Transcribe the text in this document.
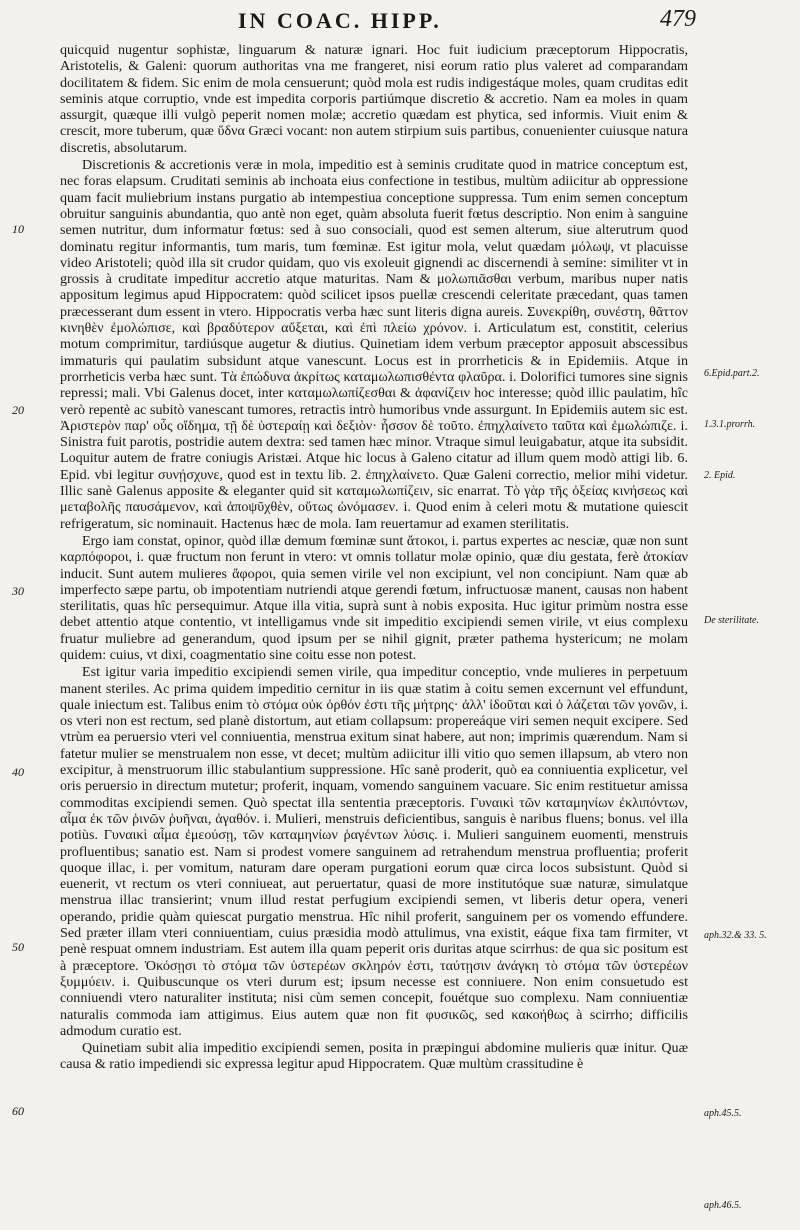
IN COAC. HIPP.	479

quicquid nugentur sophistæ, linguarum & naturæ ignari. Hoc fuit iudicium præceptorum Hippocratis, Aristotelis, & Galeni: quorum authoritas vna me frangeret, nisi eorum ratio plus valeret ad comparandam docilitatem & fidem. Sic enim de mola censuerunt; quòd mola est rudis indigestáque moles, quam cruditas edit seminis atque corruptio, vnde est impedita corporis partiúmque discretio & accretio. Nam ea moles in quam assurgit, quæque illi vulgò peperit nomen molæ; accretio quædam est phytica, sed informis. Viuit enim & crescit, more tuberum, quæ ὕδνα Græci vocant: non autem stirpium suis partibus, conuenienter cuiusque natura discretis, absolutarum.

Discretionis & accretionis veræ in mola, impeditio est à seminis cruditate quod in matrice conceptum est, nec foras elapsum. Cruditati seminis ab inchoata eius confectione in testibus, multùm adiicitur ab oppressione quam facit muliebrium instans purgatio ab intempestiua conceptione suppressa. Tum enim semen conceptum obruitur sanguinis abundantia, quo antè non eget, quàm absoluta fuerit fœtus descriptio. Non enim à sanguine semen nutritur, dum informatur fœtus: sed à suo consociali, quod est semen alterum, siue alterutrum quod dominatu regitur informantis, tum maris, tum fœminæ. Est igitur mola, velut quædam μόλωψ, vt placuisse video Aristoteli; quòd illa sit crudor quidam, quo vis exoleuit gignendi ac discernendi à semine: similiter vt in grossis à cruditate impeditur accretio atque maturitas. Nam & μολωπιᾶσθαι verbum, maribus nuper natis appositum legimus apud Hippocratem: quòd scilicet ipsos puellæ crescendi celeritate præcedant, quas tamen præcesserant dum essent in vtero. Hippocratis verba hæc sunt literis digna aureis. Συνεκρίθη, συνέστη, θᾶττον κινηθὲν ἐμολώπισε, καὶ βραδύτερον αὔξεται, καὶ ἐπὶ πλείω χρόνον. i. Articulatum est, constitit, celerius motum comprimitur, tardiúsque augetur & diutius. Quinetiam idem verbum præceptor apposuit abscessibus immaturis qui paulatim subsidunt atque vanescunt. Locus est in prorrheticis & in Epidemiis. Atque in prorrheticis verba hæc sunt. Τὰ ἐπώδυνα ἀκρίτως καταμωλωπισθέντα φλαῦρα. i. Dolorifici tumores sine signis repressi; mali. Vbi Galenus docet, inter καταμωλωπίζεσθαι & ἀφανίζειν hoc interesse; quòd illic paulatim, hîc verò repentè ac subitò vanescant tumores, retractis intrò humoribus vnde assurgunt. In Epidemiis autem sic est. Ἀριστερὸν παρ' οὖς οἴδημα, τῇ δὲ ὑστεραίῃ καὶ δεξιὸν· ἧσσον δὲ τοῦτο. ἐπηχλαίνετο ταῦτα καὶ ἐμωλώπιζε. i. Sinistra fuit parotis, postridie autem dextra: sed tamen hæc minor. Vtraque simul leuigabatur, atque ita subsidit. Loquitur autem de fratre coniugis Aristæi. Atque hic locus à Galeno citatur ad illum quem modò attigi lib. 6. Epid. vbi legitur συνῄσχυνε, quod est in textu lib. 2. ἐπηχλαίνετο. Quæ Galeni correctio, melior mihi videtur. Illic sanè Galenus apposite & eleganter quid sit καταμωλωπίζειν, sic enarrat. Τὸ γὰρ τῆς ὀξείας κινήσεως καὶ μεταβολῆς παυσάμενον, καὶ ἀποψῦχθὲν, οὕτως ὠνόμασεν. i. Quod enim à celeri motu & mutatione quiescit refrigeratum, sic nominauit. Hactenus hæc de mola. Iam reuertamur ad examen sterilitatis.

Ergo iam constat, opinor, quòd illæ demum fœminæ sunt ἄτοκοι, i. partus expertes ac nesciæ, quæ non sunt καρπόφοροι, i. quæ fructum non ferunt in vtero: vt omnis tollatur molæ opinio, quæ diu gestata, ferè ἀτοκίαν inducit. Sunt autem mulieres ἄφοροι, quia semen virile vel non excipiunt, vel non concipiunt. Nam quæ ab imperfecto sæpe partu, ob impotentiam nutriendi atque gerendi fœtum, infructuosæ manent, causas non habent sterilitatis, quas hîc persequimur. Atque illa vitia, suprà sunt à nobis exposita. Huc igitur primùm nostra esse debet attentio atque contentio, vt intelligamus vnde sit impeditio excipiendi semen virile, vt eius complexu fruatur muliebre ad generandum, quod ipsum per se nihil gignit, præter pathema hystericum; ne molam quidem: cuius, vt dixi, coagmentatio sine coitu esse non potest.

Est igitur varia impeditio excipiendi semen virile, qua impeditur conceptio, vnde mulieres in perpetuum manent steriles. Ac prima quidem impeditio cernitur in iis quæ statim à coitu semen excernunt vel effundunt, quale iniectum est. Talibus enim τὸ στόμα οὐκ ὀρθόν ἐστι τῆς μήτρης· ἀλλ' ἰδοῦται καὶ ὁ λάζεται τῶν γονῶν, i. os vteri non est rectum, sed planè distortum, aut etiam collapsum: propereáque viri semen nequit excipere. Sed vtrùm ea peruersio vteri vel conniuentia, menstrua exitum sinat habere, aut non; imprimis quærendum. Nam si fatetur mulier se menstrualem non esse, vt decet; multùm adiicitur illi vitio quo semen illapsum, ab vtero non excipitur, à menstruorum illic stabulantium suppressione. Hîc sanè proderit, quò ea conniuentia explicetur, vel oris peruersio in directum mutetur; proferit, inquam, vomendo sanguinem vacuare. Sic enim restituetur amissa commoditas excipiendi semen. Quò spectat illa sententia præceptoris. Γυναικὶ τῶν καταμηνίων ἐκλιπόντων, αἷμα ἐκ τῶν ῥινῶν ῥυῆναι, ἀγαθόν. i. Mulieri, menstruis deficientibus, sanguis è naribus fluens; bonus. vel illa potiùs. Γυναικὶ αἷμα ἐμεούσῃ, τῶν καταμηνίων ῥαγέντων λύσις. i. Mulieri sanguinem euomenti, menstruis profluentibus; sanatio est. Nam si prodest vomere sanguinem ad retrahendum menstrua profluentia; proferit quoque illac, i. per vomitum, naturam dare operam purgationi eorum quæ circa locos subsistunt. Quòd si euenerit, vt rectum os vteri conniueat, aut peruertatur, quasi de more institutóque suæ naturæ, simulatque menstrua illac transierint; vnum illud restat perfugium excipiendi semen, vt liberis detur opera, veneri operando, pridie quàm quiescat purgatio menstrua. Hîc nihil proferit, sanguinem per os vomendo effundere. Sed præter illam vteri conniuentiam, cuius præsidia modò attulimus, vna existit, eáque fixa tam firmiter, vt penè respuat omnem industriam. Est autem illa quam peperit oris duritas atque scirrhus: de qua sic positum est à præceptore. Ὁκόσῃσι τὸ στόμα τῶν ὑστερέων σκληρόν ἐστι, ταύτῃσιν ἀνάγκη τὸ στόμα τῶν ὑστερέων ξυμμύειν. i. Quibuscunque os vteri durum est; ipsum necesse est conniuere. Non enim consuetudo est conniuendi vtero naturaliter instituta; nisi cùm semen concepit, fouétque suo complexu. Nam conniuentiæ naturalis commoda iam attigimus. Eius autem quæ non fit φυσικῶς, sed κακοήθως à scirrho; difficilis admodum curatio est.

Quinetiam subit alia impeditio excipiendi semen, posita in præpingui abdomine mulieris quæ initur. Quæ causa & ratio impediendi sic expressa legitur apud Hippocratem. Quæ multùm crassitudine è

10
20
30
40
50
60
6.Epid.part.2.
1.3.1.prorrh.
2. Epid.
De sterilitate.
aph.32.& 33. 5.
aph.45.5.
aph.46.5.
